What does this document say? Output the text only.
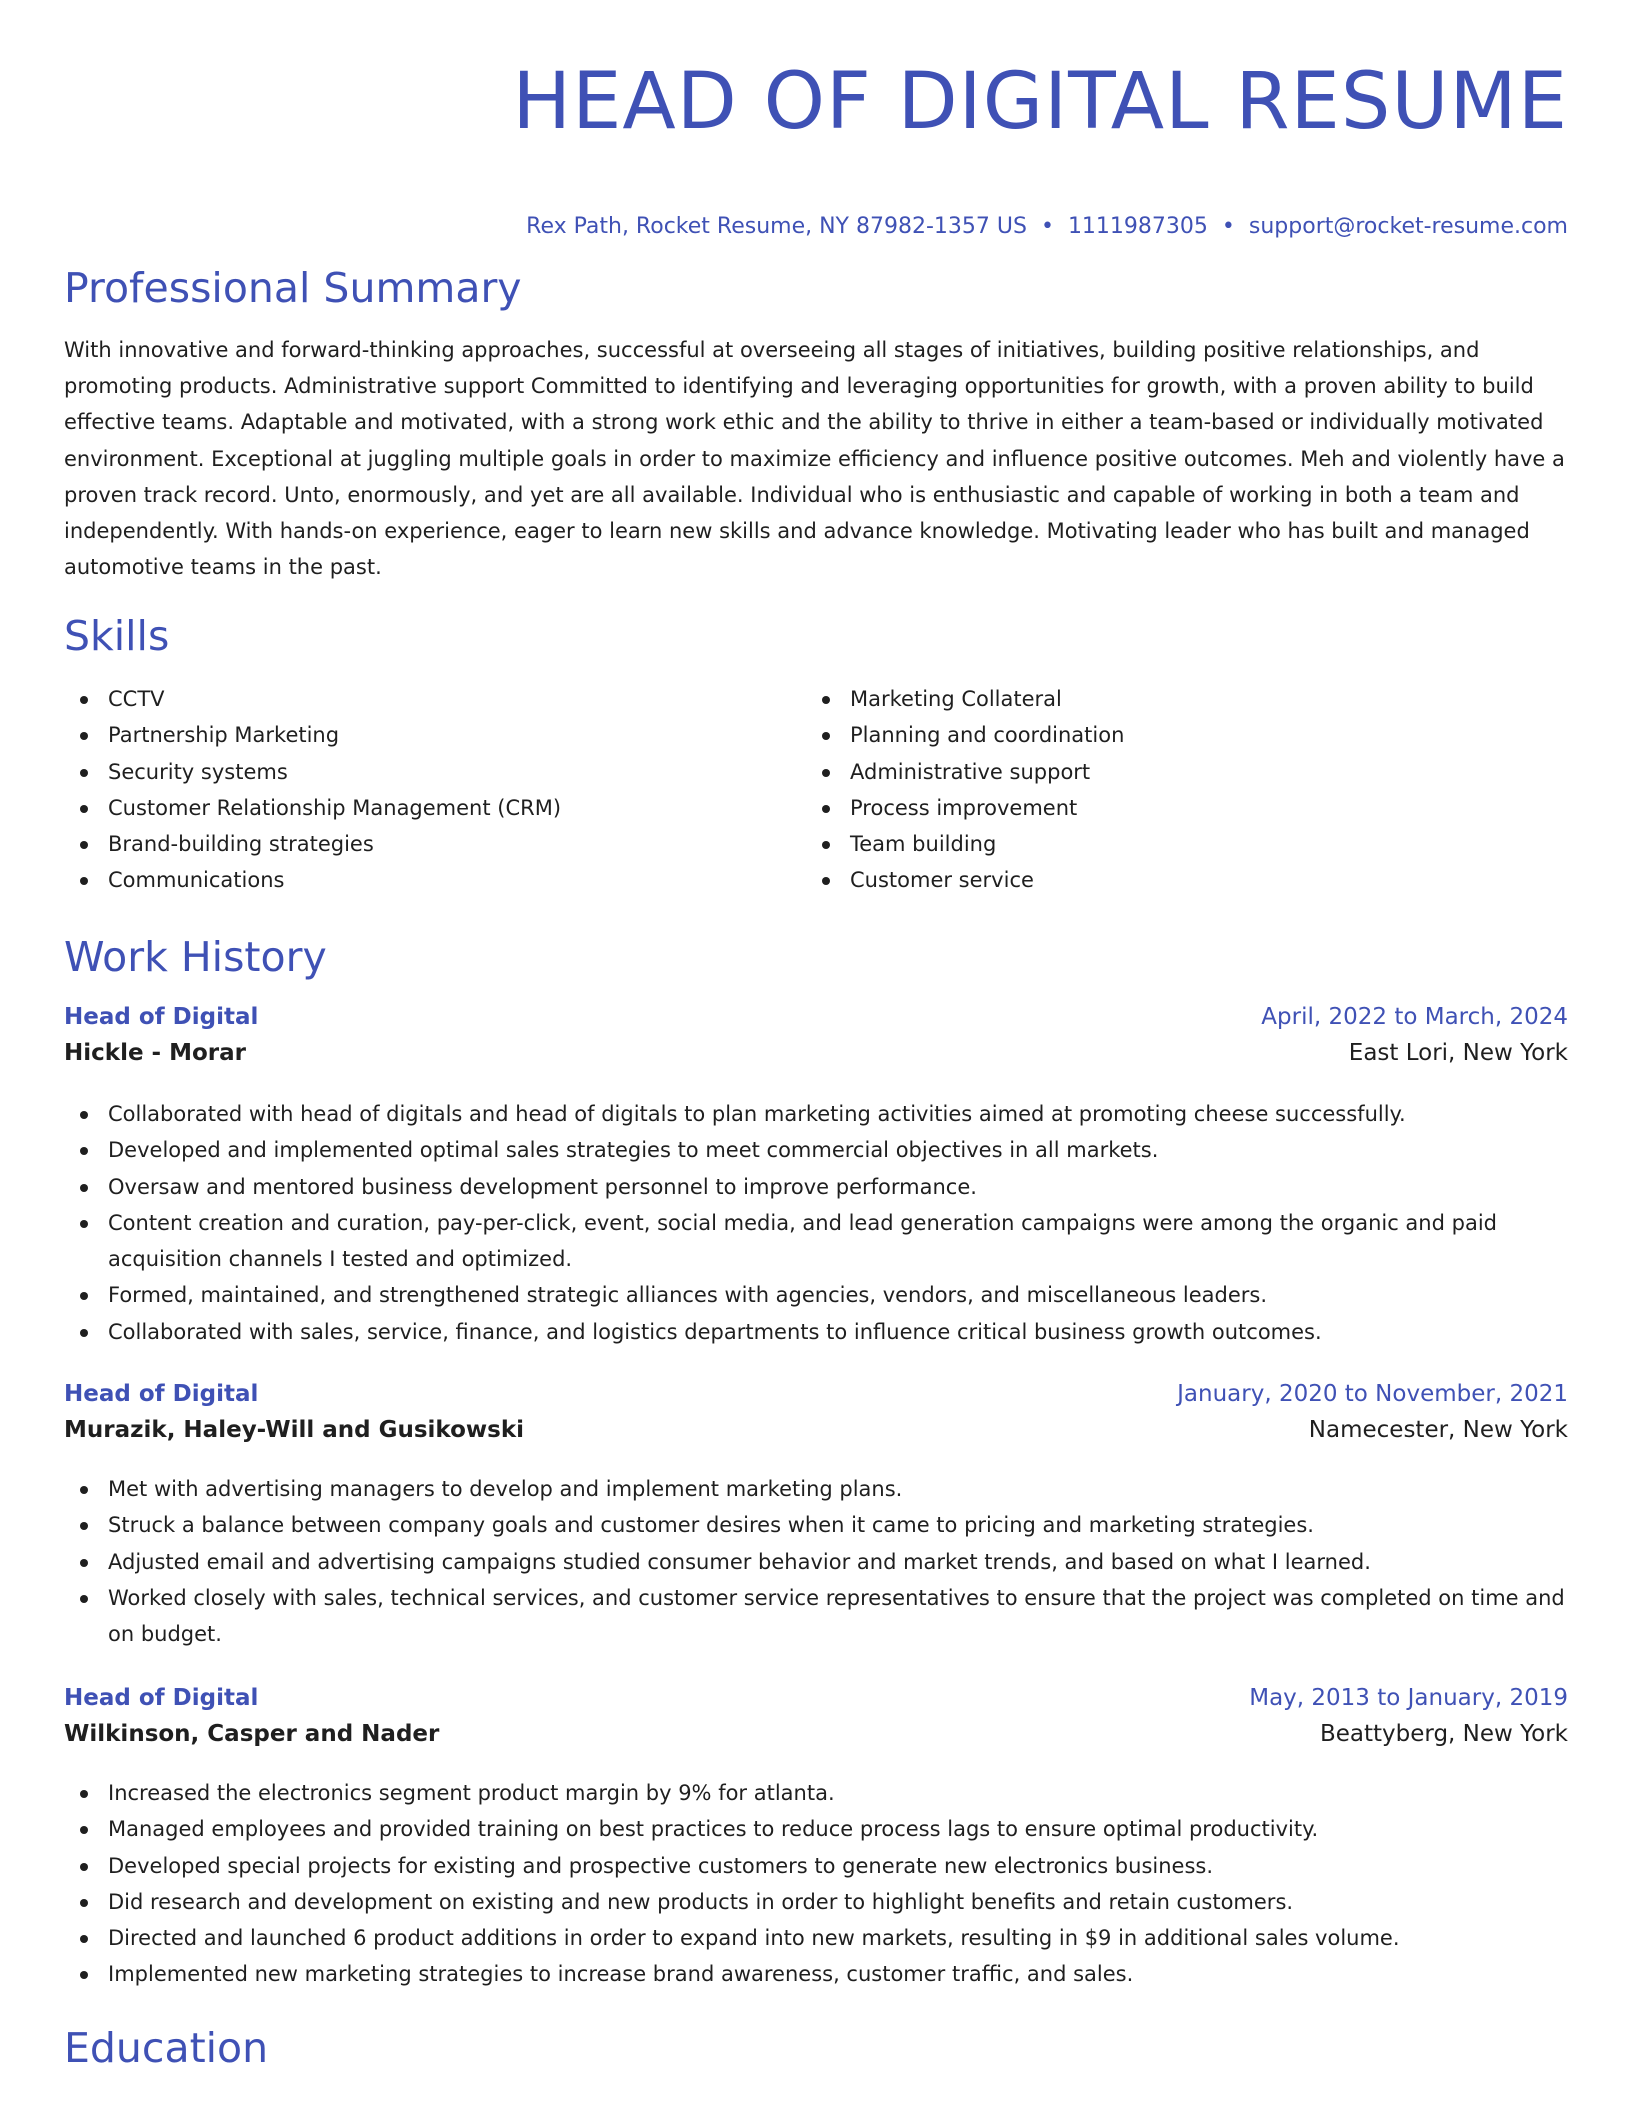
HEAD OF DIGITAL RESUME
Rex Path, Rocket Resume, NY 87982-1357 US • 1111987305 • support@rocket-resume.com
Professional Summary

With innovative and forward-thinking approaches, successful at overseeing all stages of initiatives, building positive relationships, and promoting products. Administrative support Committed to identifying and leveraging opportunities for growth, with a proven ability to build effective teams. Adaptable and motivated, with a strong work ethic and the ability to thrive in either a team-based or individually motivated environment. Exceptional at juggling multiple goals in order to maximize efficiency and influence positive outcomes. Meh and violently have a proven track record. Unto, enormously, and yet are all available. Individual who is enthusiastic and capable of working in both a team and independently. With hands-on experience, eager to learn new skills and advance knowledge. Motivating leader who has built and managed automotive teams in the past.

Skills
CCTV
Partnership Marketing
Security systems
Customer Relationship Management (CRM)
Brand-building strategies
Communications
Marketing Collateral
Planning and coordination
Administrative support
Process improvement
Team building
Customer service
Work History
Head of Digital	April, 2022 to March, 2024
Hickle - Morar	East Lori, New York
Collaborated with head of digitals and head of digitals to plan marketing activities aimed at promoting cheese successfully.
Developed and implemented optimal sales strategies to meet commercial objectives in all markets.
Oversaw and mentored business development personnel to improve performance.
Content creation and curation, pay-per-click, event, social media, and lead generation campaigns were among the organic and paid acquisition channels I tested and optimized.
Formed, maintained, and strengthened strategic alliances with agencies, vendors, and miscellaneous leaders.
Collaborated with sales, service, finance, and logistics departments to influence critical business growth outcomes.
Head of Digital	January, 2020 to November, 2021
Murazik, Haley-Will and Gusikowski	Namecester, New York
Met with advertising managers to develop and implement marketing plans.
Struck a balance between company goals and customer desires when it came to pricing and marketing strategies.
Adjusted email and advertising campaigns studied consumer behavior and market trends, and based on what I learned.
Worked closely with sales, technical services, and customer service representatives to ensure that the project was completed on time and on budget.
Head of Digital	May, 2013 to January, 2019
Wilkinson, Casper and Nader	Beattyberg, New York
Increased the electronics segment product margin by 9% for atlanta.
Managed employees and provided training on best practices to reduce process lags to ensure optimal productivity.
Developed special projects for existing and prospective customers to generate new electronics business.
Did research and development on existing and new products in order to highlight benefits and retain customers.
Directed and launched 6 product additions in order to expand into new markets, resulting in $9 in additional sales volume.
Implemented new marketing strategies to increase brand awareness, customer traffic, and sales.
Education
